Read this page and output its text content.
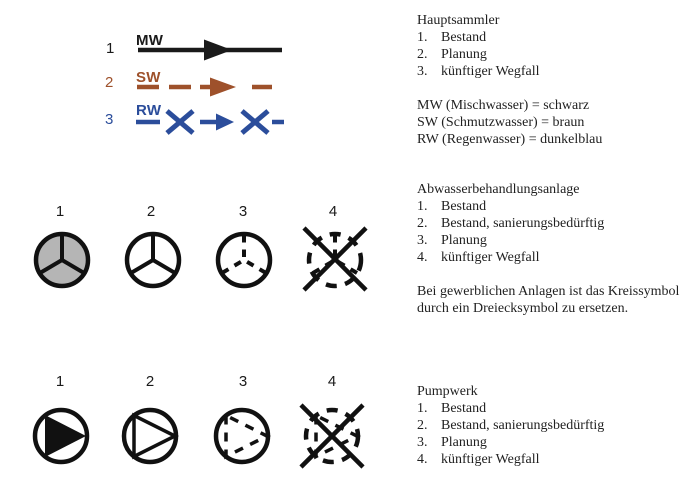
1 MW
2 SW
3
RW
1	2	3	4
1	2	3	4
Hauptsammler
1. Bestand
2. Planung
3. künftiger Wegfall
MW (Mischwasser) = schwarz
SW (Schmutzwasser) = braun
RW (Regenwasser) = dunkelblau
Abwasserbehandlungsanlage
1. Bestand
2. Bestand, sanierungsbedürftig
3. Planung
4. künftiger Wegfall
Bei gewerblichen Anlagen ist das Kreissymbol
durch ein Dreiecksymbol zu ersetzen.
Pumpwerk
1. Bestand
2. Bestand, sanierungsbedürftig
3. Planung
4. künftiger Wegfall
